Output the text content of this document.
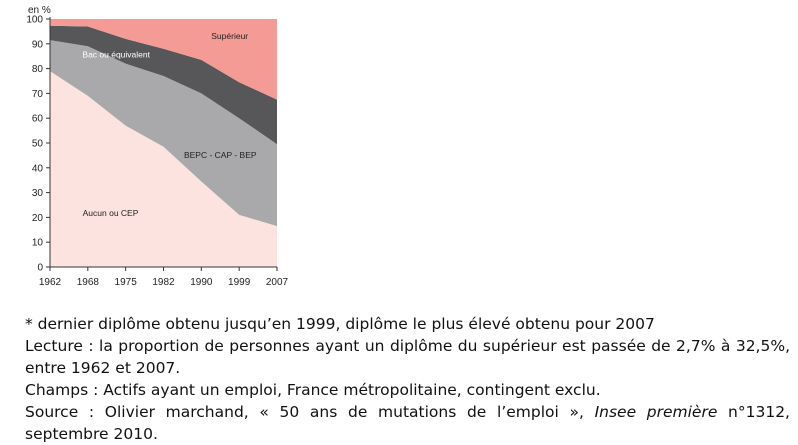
0
10
20
30
40
50
60
70
80
90
100
1962 1968 1975 1982 1990 1999 2007
en %
Supérieur
Bac ou équivalent
BEPC - CAP - BEP
Aucun ou CEP

* dernier diplôme obtenu jusqu’en 1999, diplôme le plus élevé obtenu pour 2007

Lecture : la proportion de personnes ayant un diplôme du supérieur est passée de 2,7% à 32,5%, entre 1962 et 2007.

Champs : Actifs ayant un emploi, France métropolitaine, contingent exclu.

Source : Olivier marchand, « 50 ans de mutations de l’emploi », Insee première n°1312, septembre 2010.
